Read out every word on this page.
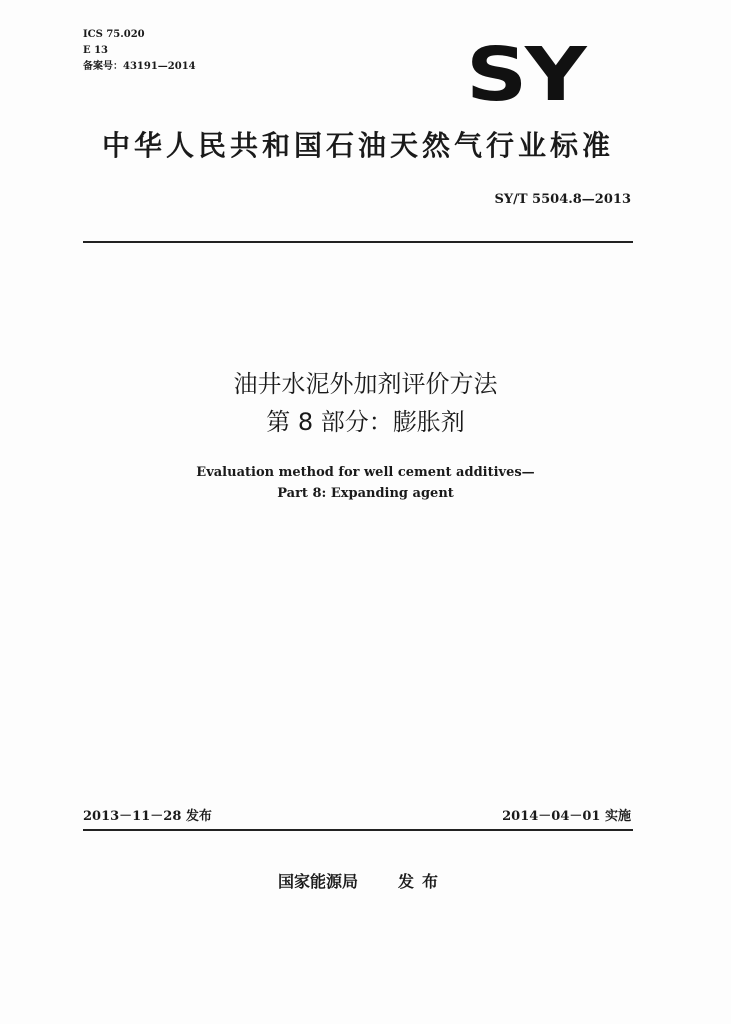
ICS 75.020
E 13
备案号：43191—2014	SY
中华人民共和国石油天然气行业标准
SY/T 5504.8—2013
油井水泥外加剂评价方法
第 8 部分：膨胀剂
Evaluation method for well cement additives—
Part 8: Expanding agent
2013－11－28 发布	2014－04－01 实施
国家能源局 发布
